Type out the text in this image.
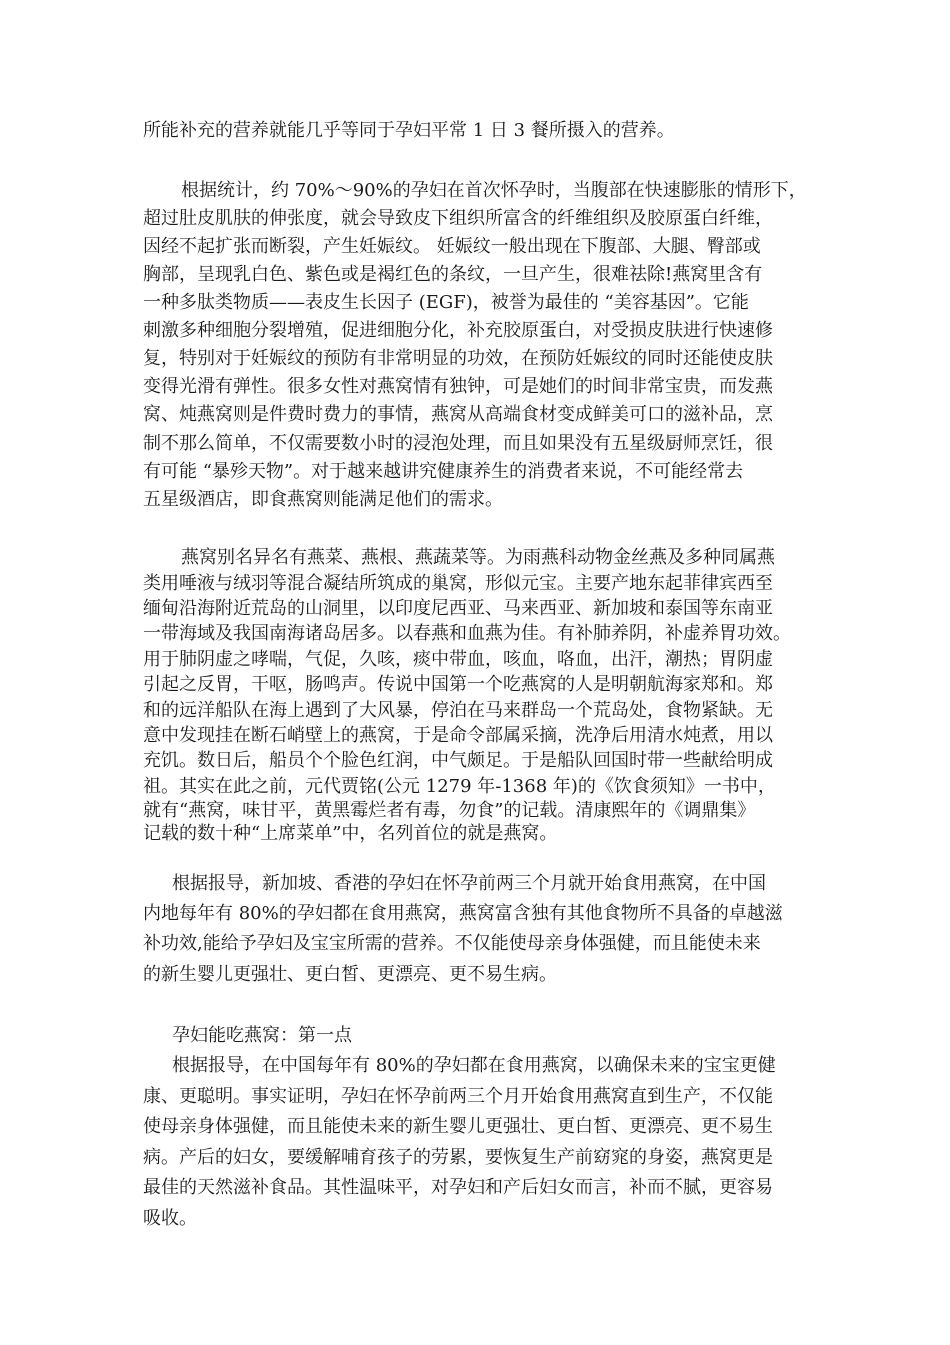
所能补充的营养就能几乎等同于孕妇平常 1 日 3 餐所摄入的营养。
根据统计，约 70%～90%的孕妇在首次怀孕时，当腹部在快速膨胀的情形下，
超过肚皮肌肤的伸张度，就会导致皮下组织所富含的纤维组织及胶原蛋白纤维，
因经不起扩张而断裂，产生妊娠纹。 妊娠纹一般出现在下腹部、大腿、臀部或
胸部，呈现乳白色、紫色或是褐红色的条纹，一旦产生，很难祛除!燕窝里含有
一种多肽类物质——表皮生长因子 (EGF)，被誉为最佳的 “美容基因”。它能
刺激多种细胞分裂增殖，促进细胞分化，补充胶原蛋白，对受损皮肤进行快速修
复，特别对于妊娠纹的预防有非常明显的功效，在预防妊娠纹的同时还能使皮肤
变得光滑有弹性。很多女性对燕窝情有独钟，可是她们的时间非常宝贵，而发燕
窝、炖燕窝则是件费时费力的事情，燕窝从高端食材变成鲜美可口的滋补品，烹
制不那么简单，不仅需要数小时的浸泡处理，而且如果没有五星级厨师烹饪，很
有可能 “暴殄天物”。对于越来越讲究健康养生的消费者来说，不可能经常去
五星级酒店，即食燕窝则能满足他们的需求。
燕窝别名异名有燕菜、燕根、燕蔬菜等。为雨燕科动物金丝燕及多种同属燕
类用唾液与绒羽等混合凝结所筑成的巢窝，形似元宝。主要产地东起菲律宾西至
缅甸沿海附近荒岛的山洞里，以印度尼西亚、马来西亚、新加坡和泰国等东南亚
一带海域及我国南海诸岛居多。以春燕和血燕为佳。有补肺养阴，补虚养胃功效。
用于肺阴虚之哮喘，气促，久咳，痰中带血，咳血，咯血，出汗，潮热；胃阴虚
引起之反胃，干呕，肠鸣声。传说中国第一个吃燕窝的人是明朝航海家郑和。郑
和的远洋船队在海上遇到了大风暴，停泊在马来群岛一个荒岛处，食物紧缺。无
意中发现挂在断石峭壁上的燕窝，于是命令部属采摘，洗净后用清水炖煮，用以
充饥。数日后，船员个个脸色红润，中气颇足。于是船队回国时带一些献给明成
祖。其实在此之前，元代贾铭(公元 1279 年-1368 年)的《饮食须知》一书中，
就有“燕窝，味甘平，黄黑霉烂者有毒，勿食”的记载。清康熙年的《调鼎集》
记载的数十种“上席菜单”中，名列首位的就是燕窝。
根据报导，新加坡、香港的孕妇在怀孕前两三个月就开始食用燕窝，在中国
内地每年有 80%的孕妇都在食用燕窝，燕窝富含独有其他食物所不具备的卓越滋
补功效,能给予孕妇及宝宝所需的营养。不仅能使母亲身体强健，而且能使未来
的新生婴儿更强壮、更白皙、更漂亮、更不易生病。
孕妇能吃燕窝：第一点
根据报导，在中国每年有 80%的孕妇都在食用燕窝，以确保未来的宝宝更健
康、更聪明。事实证明，孕妇在怀孕前两三个月开始食用燕窝直到生产，不仅能
使母亲身体强健，而且能使未来的新生婴儿更强壮、更白皙、更漂亮、更不易生
病。产后的妇女，要缓解哺育孩子的劳累，要恢复生产前窈窕的身姿，燕窝更是
最佳的天然滋补食品。其性温味平，对孕妇和产后妇女而言，补而不腻，更容易
吸收。
